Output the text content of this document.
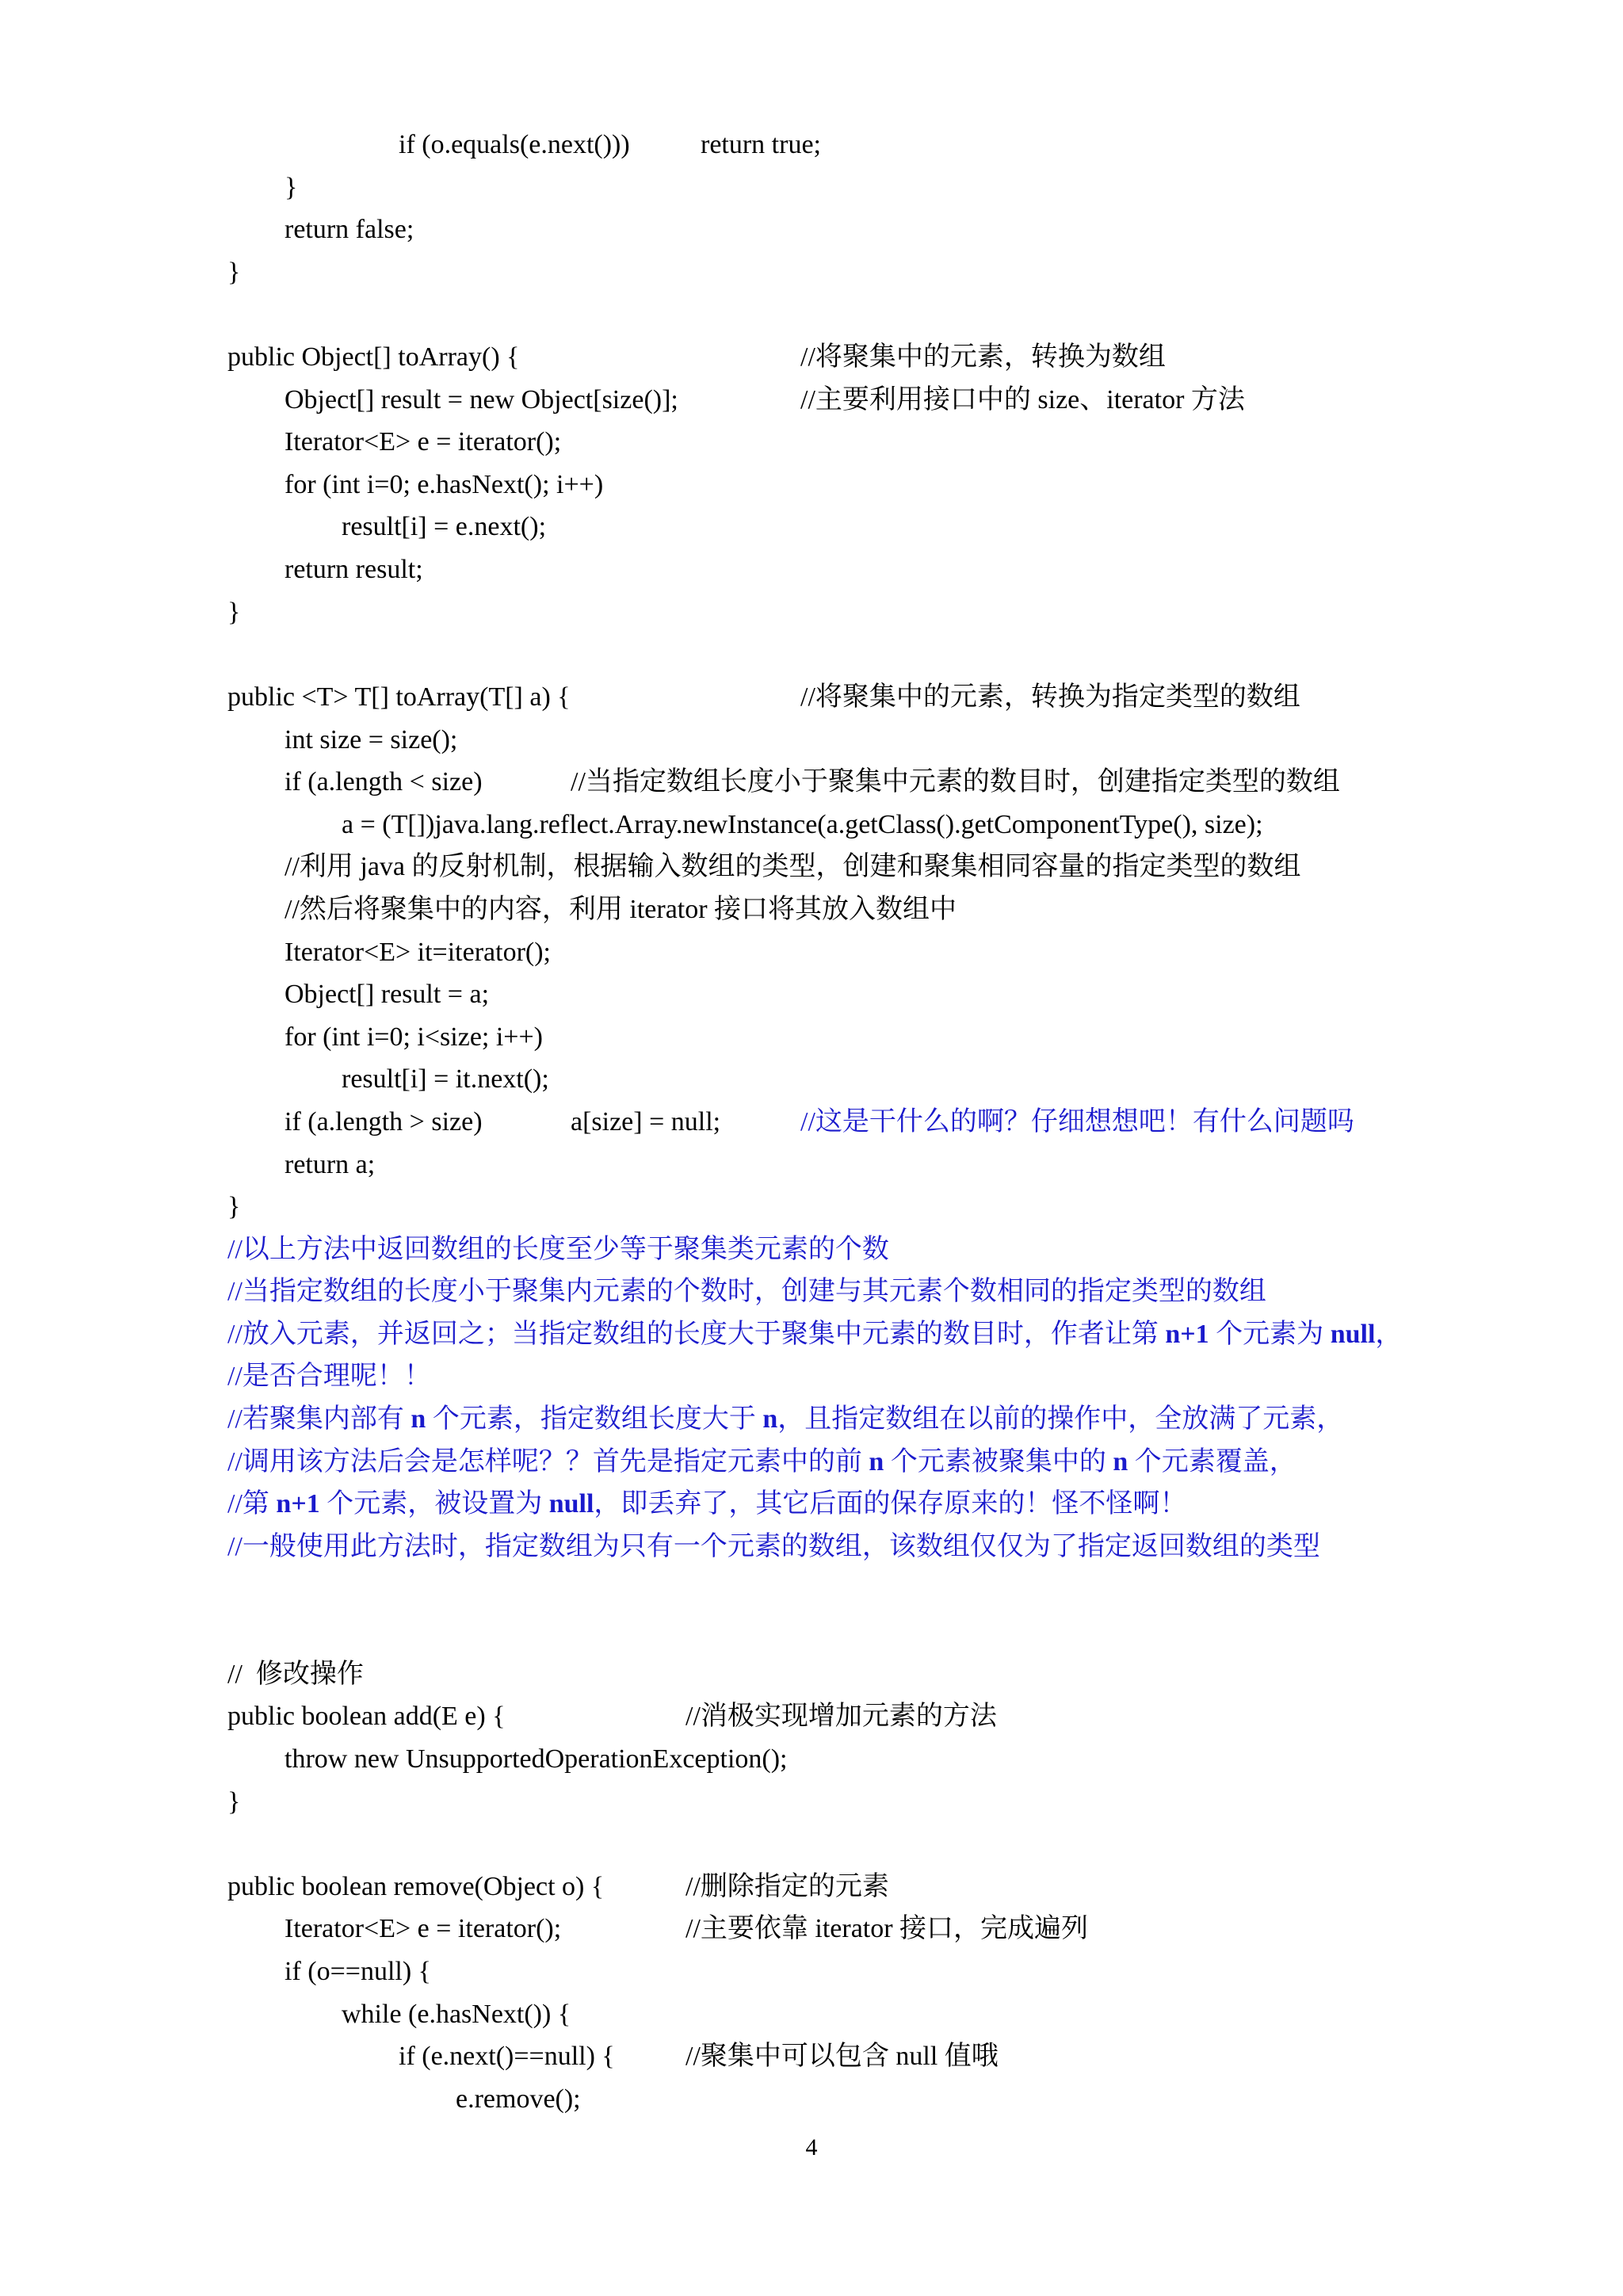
if (o.equals(e.next()))	return true;
}
return false;
}
public Object[] toArray() {	//将聚集中的元素，转换为数组
Object[] result = new Object[size()];	//主要利用接口中的 size、iterator 方法
Iterator<E> e = iterator();
for (int i=0; e.hasNext(); i++)
result[i] = e.next();
return result;
}
public <T> T[] toArray(T[] a) {	//将聚集中的元素，转换为指定类型的数组
int size = size();
if (a.length < size)	//当指定数组长度小于聚集中元素的数目时，创建指定类型的数组
a = (T[])java.lang.reflect.Array.newInstance(a.getClass().getComponentType(), size);
//利用 java 的反射机制，根据输入数组的类型，创建和聚集相同容量的指定类型的数组
//然后将聚集中的内容，利用 iterator 接口将其放入数组中
Iterator<E> it=iterator();
Object[] result = a;
for (int i=0; i<size; i++)
result[i] = it.next();
if (a.length > size)	a[size] = null;	//这是干什么的啊？仔细想想吧！有什么问题吗
return a;
}
//以上方法中返回数组的长度至少等于聚集类元素的个数
//当指定数组的长度小于聚集内元素的个数时，创建与其元素个数相同的指定类型的数组
//放入元素，并返回之；当指定数组的长度大于聚集中元素的数目时，作者让第 n+1 个元素为 null，
//是否合理呢！！
//若聚集内部有 n 个元素，指定数组长度大于 n，且指定数组在以前的操作中，全放满了元素，
//调用该方法后会是怎样呢？？首先是指定元素中的前 n 个元素被聚集中的 n 个元素覆盖，
//第 n+1 个元素，被设置为 null，即丢弃了，其它后面的保存原来的！怪不怪啊！
//一般使用此方法时，指定数组为只有一个元素的数组，该数组仅仅为了指定返回数组的类型
//  修改操作
public boolean add(E e) {	//消极实现增加元素的方法
throw new UnsupportedOperationException();
}
public boolean remove(Object o) {	//删除指定的元素
Iterator<E> e = iterator();	//主要依靠 iterator 接口，完成遍列
if (o==null) {
while (e.hasNext()) {
if (e.next()==null) {	//聚集中可以包含 null 值哦
e.remove();
4
